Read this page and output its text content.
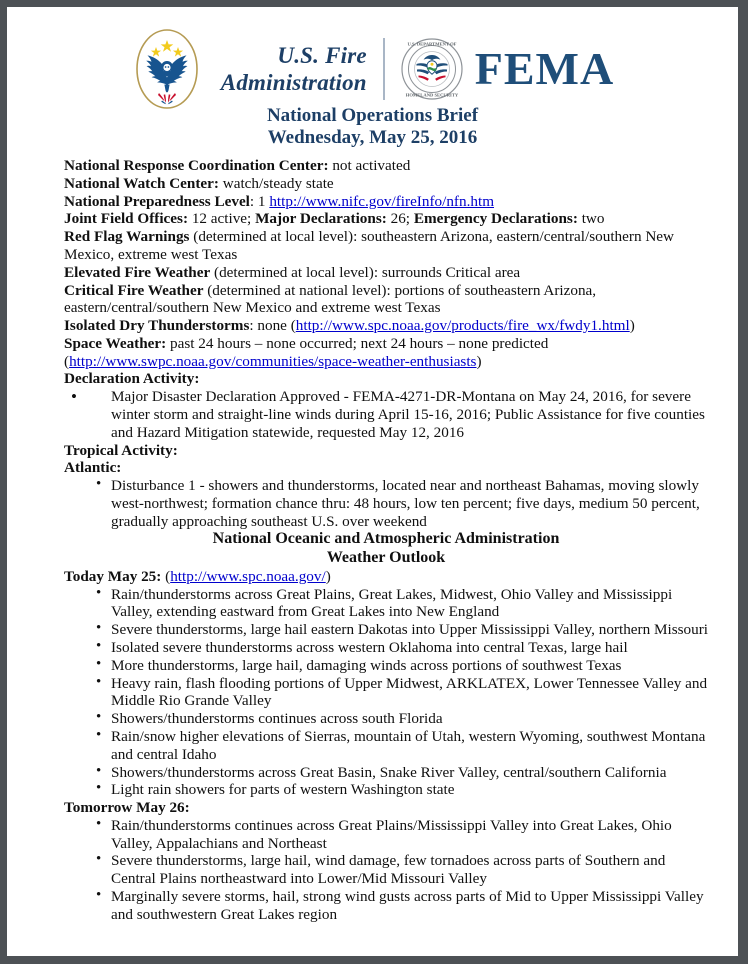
U.S. Fire
Administration
U.S. DEPARTMENT OF
HOMELAND SECURITY
FEMA
National Operations Brief
Wednesday, May 25, 2016

National Response Coordination Center: not activated

National Watch Center: watch/steady state

National Preparedness Level: 1 http://www.nifc.gov/fireInfo/nfn.htm

Joint Field Offices: 12 active; Major Declarations: 26; Emergency Declarations: two

Red Flag Warnings (determined at local level): southeastern Arizona, eastern/central/southern New Mexico, extreme west Texas

Elevated Fire Weather (determined at local level): surrounds Critical area

Critical Fire Weather (determined at national level): portions of southeastern Arizona, eastern/central/southern New Mexico and extreme west Texas

Isolated Dry Thunderstorms: none (http://www.spc.noaa.gov/products/fire_wx/fwdy1.html)

Space Weather: past 24 hours – none occurred; next 24 hours – none predicted

(http://www.swpc.noaa.gov/communities/space-weather-enthusiasts)

Declaration Activity:

• Major Disaster Declaration Approved - FEMA-4271-DR-Montana on May 24, 2016, for severe winter storm and straight-line winds during April 15-16, 2016; Public Assistance for five counties and Hazard Mitigation statewide, requested May 12, 2016

Tropical Activity:

Atlantic:

• Disturbance 1 - showers and thunderstorms, located near and northeast Bahamas, moving slowly west-northwest; formation chance thru: 48 hours, low ten percent; five days, medium 50 percent, gradually approaching southeast U.S. over weekend

National Oceanic and Atmospheric Administration

Weather Outlook

Today May 25: (http://www.spc.noaa.gov/)

• Rain/thunderstorms across Great Plains, Great Lakes, Midwest, Ohio Valley and Mississippi Valley, extending eastward from Great Lakes into New England
• Severe thunderstorms, large hail eastern Dakotas into Upper Mississippi Valley, northern Missouri
• Isolated severe thunderstorms across western Oklahoma into central Texas, large hail
• More thunderstorms, large hail, damaging winds across portions of southwest Texas
• Heavy rain, flash flooding portions of Upper Midwest, ARKLATEX, Lower Tennessee Valley and Middle Rio Grande Valley
• Showers/thunderstorms continues across south Florida
• Rain/snow higher elevations of Sierras, mountain of Utah, western Wyoming, southwest Montana and central Idaho
• Showers/thunderstorms across Great Basin, Snake River Valley, central/southern California
• Light rain showers for parts of western Washington state

Tomorrow May 26:

• Rain/thunderstorms continues across Great Plains/Mississippi Valley into Great Lakes, Ohio Valley, Appalachians and Northeast
• Severe thunderstorms, large hail, wind damage, few tornadoes across parts of Southern and Central Plains northeastward into Lower/Mid Missouri Valley
• Marginally severe storms, hail, strong wind gusts across parts of Mid to Upper Mississippi Valley and southwestern Great Lakes region
